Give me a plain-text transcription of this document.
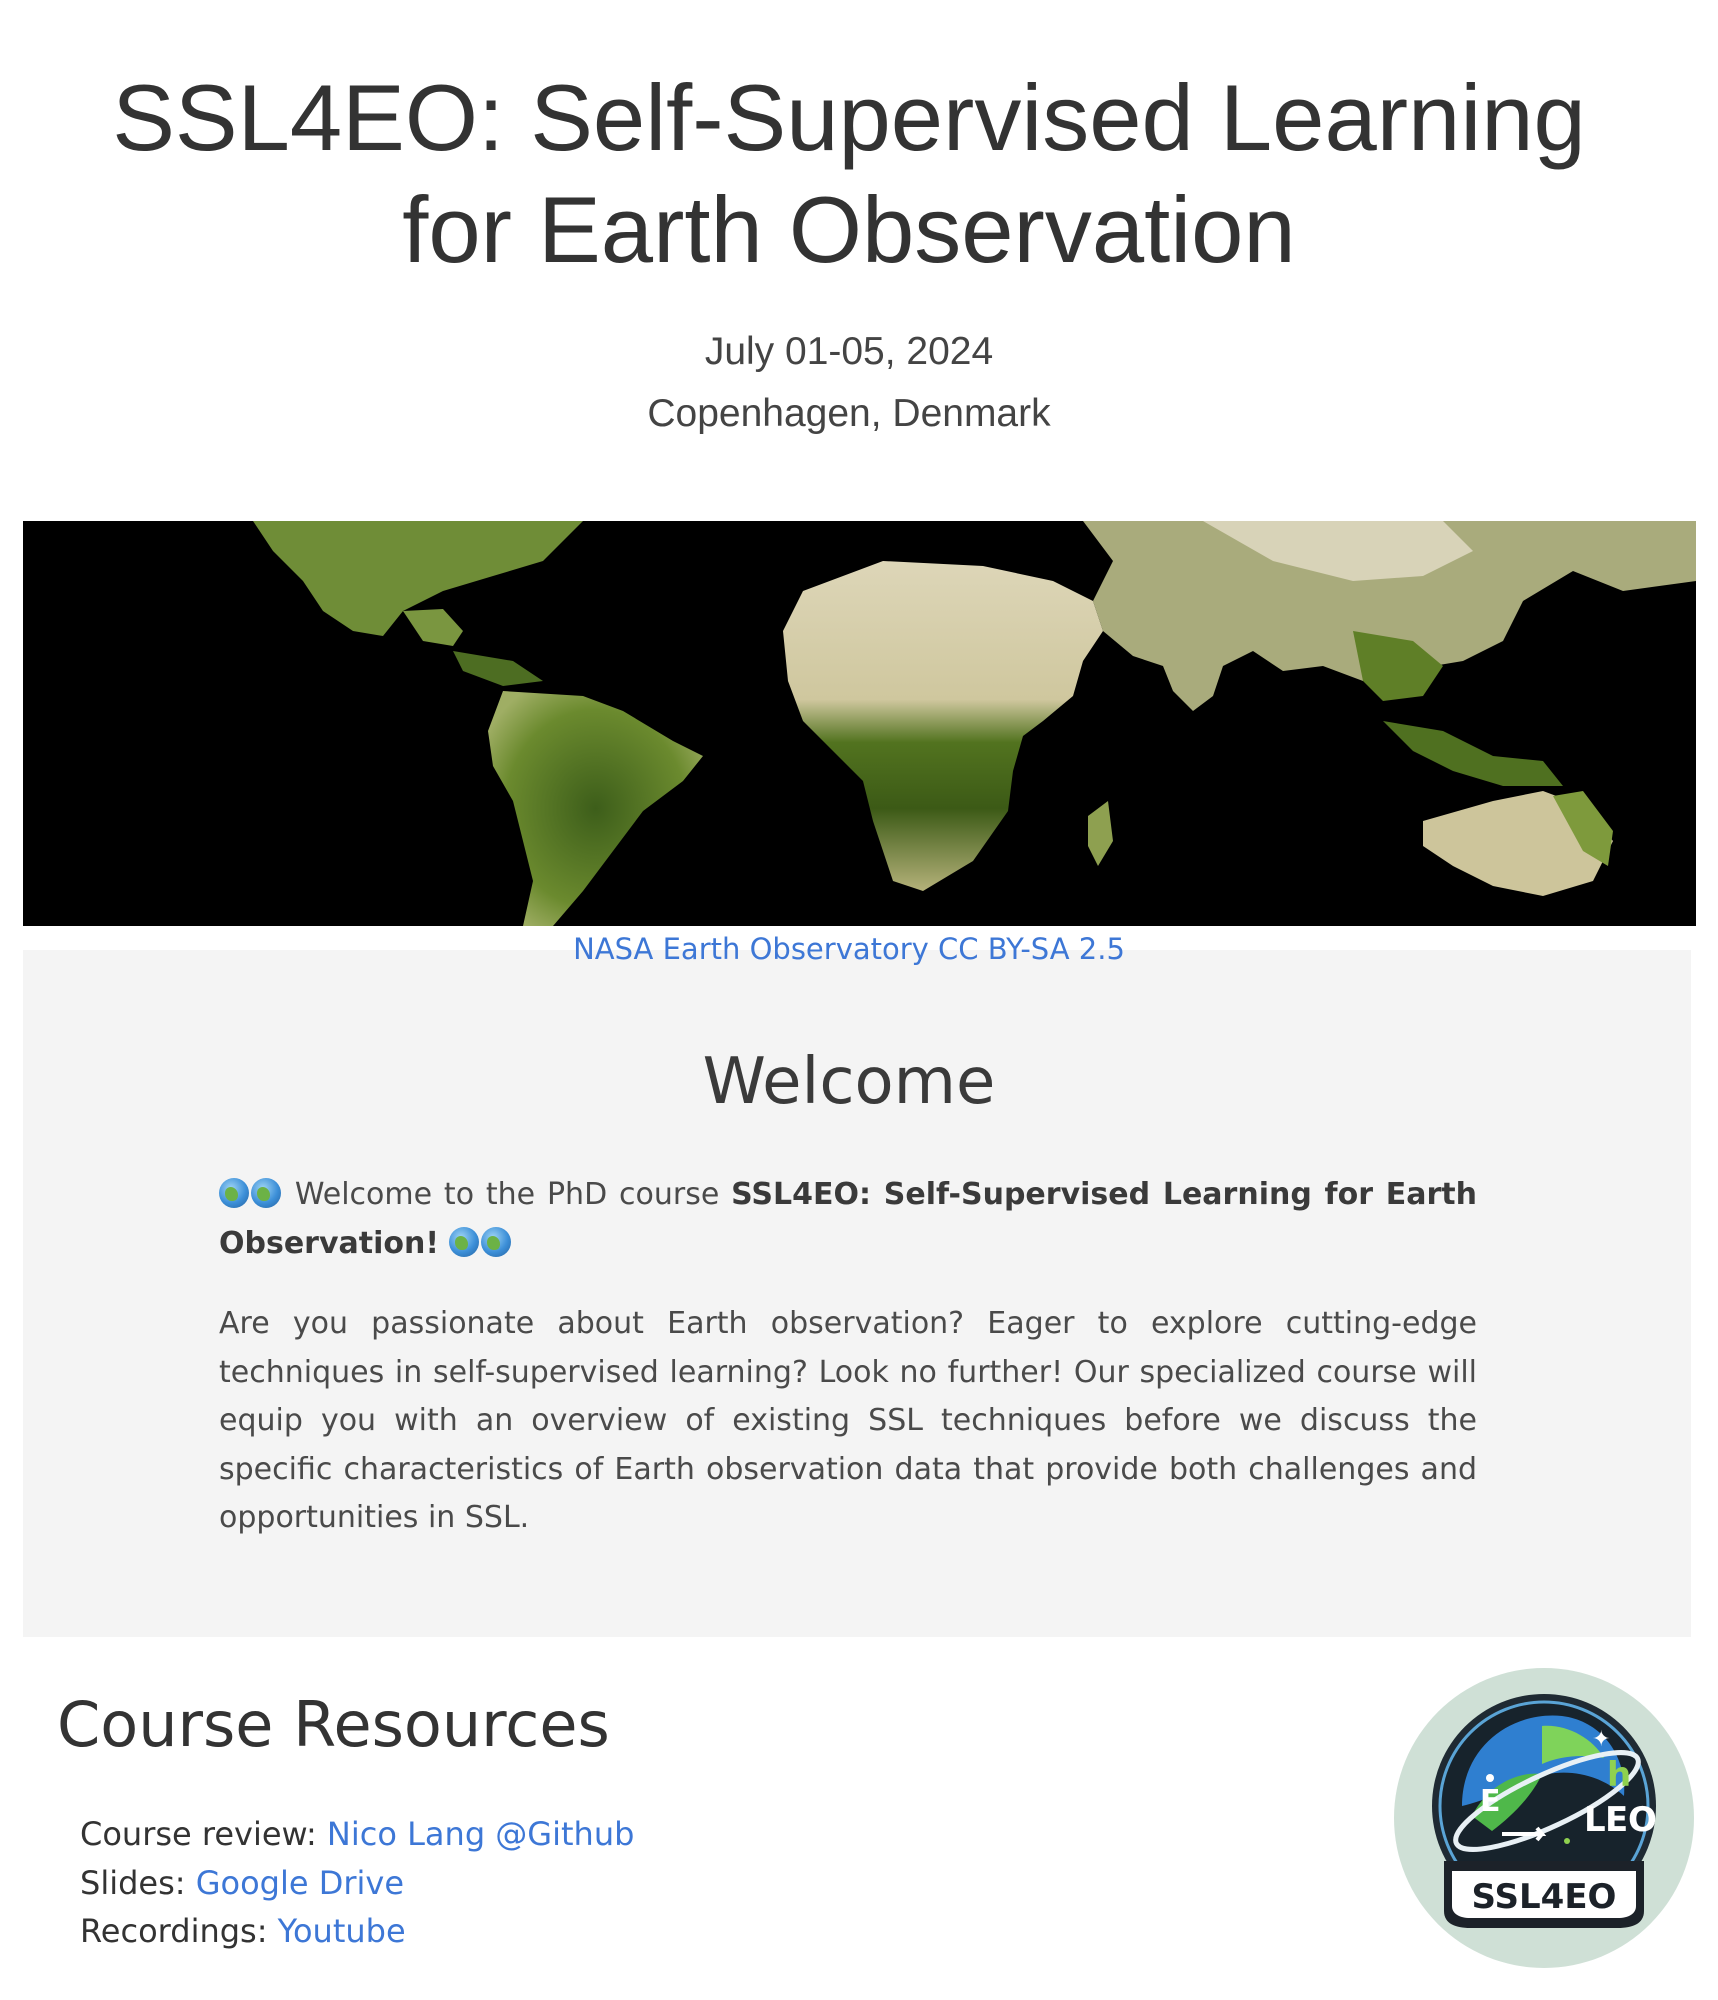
SSL4EO: Self-Supervised Learning
for Earth Observation
July 01-05, 2024
Copenhagen, Denmark
NASA Earth Observatory CC BY-SA 2.5
Welcome

Welcome to the PhD course SSL4EO: Self-Supervised Learning for Earth Observation!

Are you passionate about Earth observation? Eager to explore cutting-edge techniques in self-supervised learning? Look no further! Our specialized course will equip you with an overview of existing SSL techniques before we discuss the specific characteristics of Earth observation data that provide both challenges and opportunities in SSL.

Course Resources
Course review: Nico Lang @Github
Slides: Google Drive
Recordings: Youtube
✦
E
h
L E O
SSL4EO
